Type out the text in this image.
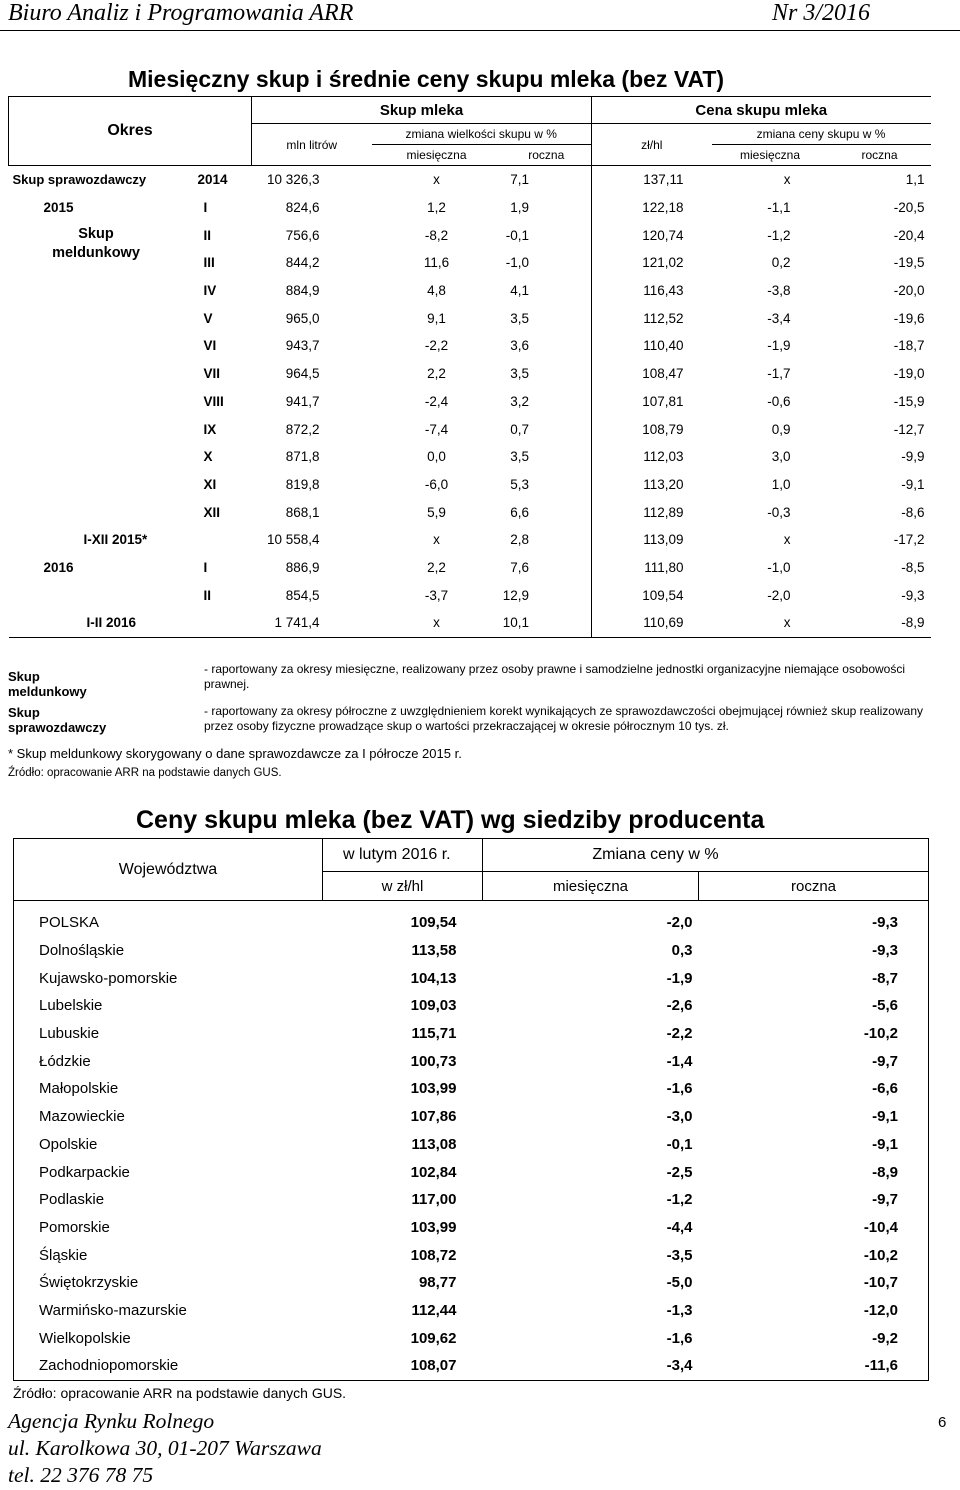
Biuro Analiz i Programowania ARR	Nr 3/2016
Miesięczny skup i średnie ceny skupu mleka (bez VAT)
Okres		Skup mleka			Cena skupu mleka		
		mln litrów	zmiana wielkości skupu w %		zł/hl	zmiana ceny skupu w %	
			miesięczna	roczna		miesięczna	roczna
Skup sprawozdawczy	2014	10 326,3	x	7,1	137,11	x	1,1
2015	I	824,6	1,2	1,9	122,18	-1,1	-20,5

Skup
meldunkowy	II	756,6	-8,2	-0,1	120,74	-1,2	-20,4
	III	844,2	11,6	-1,0	121,02	0,2	-19,5
	IV	884,9	4,8	4,1	116,43	-3,8	-20,0
	V	965,0	9,1	3,5	112,52	-3,4	-19,6
	VI	943,7	-2,2	3,6	110,40	-1,9	-18,7
	VII	964,5	2,2	3,5	108,47	-1,7	-19,0
	VIII	941,7	-2,4	3,2	107,81	-0,6	-15,9
	IX	872,2	-7,4	0,7	108,79	0,9	-12,7
	X	871,8	0,0	3,5	112,03	3,0	-9,9
	XI	819,8	-6,0	5,3	113,20	1,0	-9,1
	XII	868,1	5,9	6,6	112,89	-0,3	-8,6
I-XII 2015*		10 558,4	x	2,8	113,09	x	-17,2
2016	I	886,9	2,2	7,6	111,80	-1,0	-8,5
	II	854,5	-3,7	12,9	109,54	-2,0	-9,3
I-II 2016		1 741,4	x	10,1	110,69	x	-8,9
Skup meldunkowy
- raportowany za okresy miesięczne, realizowany przez osoby prawne i samodzielne jednostki organizacyjne niemające osobowości prawnej.
Skup sprawozdawczy
- raportowany za okresy półroczne z uwzględnieniem korekt wynikających ze sprawozdawczości obejmującej również skup realizowany przez osoby fizyczne prowadzące skup o wartości przekraczającej w okresie półrocznym 10 tys. zł.
* Skup meldunkowy skorygowany o dane sprawozdawcze za I półrocze 2015 r.
Źródło: opracowanie ARR na podstawie danych GUS.
Ceny skupu mleka (bez VAT) wg siedziby producenta
Województwa	w lutym 2016 r.	Zmiana ceny w %	
	w zł/hl	miesięczna	roczna
POLSKA	109,54	-2,0	-9,3
Dolnośląskie	113,58	0,3	-9,3
Kujawsko-pomorskie	104,13	-1,9	-8,7
Lubelskie	109,03	-2,6	-5,6
Lubuskie	115,71	-2,2	-10,2
Łódzkie	100,73	-1,4	-9,7
Małopolskie	103,99	-1,6	-6,6
Mazowieckie	107,86	-3,0	-9,1
Opolskie	113,08	-0,1	-9,1
Podkarpackie	102,84	-2,5	-8,9
Podlaskie	117,00	-1,2	-9,7
Pomorskie	103,99	-4,4	-10,4
Śląskie	108,72	-3,5	-10,2
Świętokrzyskie	98,77	-5,0	-10,7
Warmińsko-mazurskie	112,44	-1,3	-12,0
Wielkopolskie	109,62	-1,6	-9,2
Zachodniopomorskie	108,07	-3,4	-11,6
Źródło: opracowanie ARR na podstawie danych GUS.
Agencja Rynku Rolnego
ul. Karolkowa 30, 01-207 Warszawa
tel. 22 376 78 75
6
